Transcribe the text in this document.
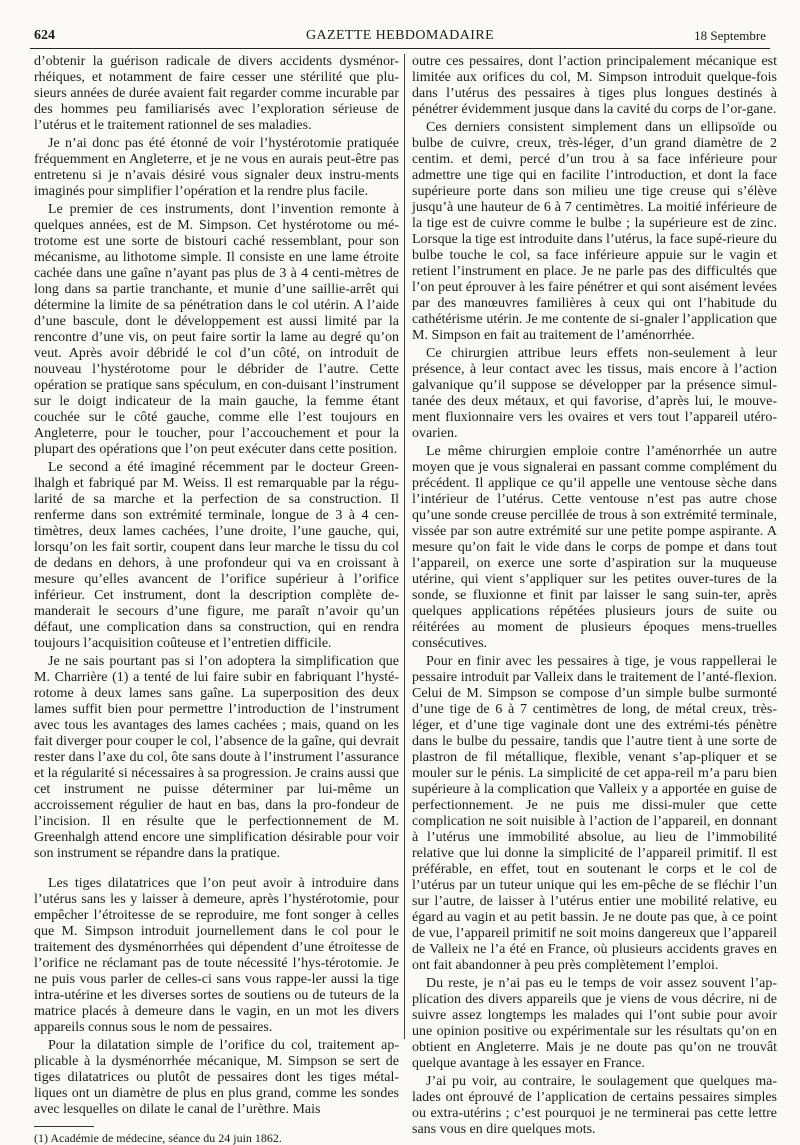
624	GAZETTE HEBDOMADAIRE	18 Septembre

d’obtenir la guérison radicale de divers accidents dysménor-rhéiques, et notamment de faire cesser une stérilité que plu-sieurs années de durée avaient fait regarder comme incurable par des hommes peu familiarisés avec l’exploration sérieuse de l’utérus et le traitement rationnel de ses maladies.

Je n’ai donc pas été étonné de voir l’hystérotomie pratiquée fréquemment en Angleterre, et je ne vous en aurais peut-être pas entretenu si je n’avais désiré vous signaler deux instru-ments imaginés pour simplifier l’opération et la rendre plus facile.

Le premier de ces instruments, dont l’invention remonte à quelques années, est de M. Simpson. Cet hystérotome ou mé-trotome est une sorte de bistouri caché ressemblant, pour son mécanisme, au lithotome simple. Il consiste en une lame étroite cachée dans une gaîne n’ayant pas plus de 3 à 4 centi-mètres de long dans sa partie tranchante, et munie d’une saillie-arrêt qui détermine la limite de sa pénétration dans le col utérin. A l’aide d’une bascule, dont le développement est aussi limité par la rencontre d’une vis, on peut faire sortir la lame au degré qu’on veut. Après avoir débridé le col d’un côté, on introduit de nouveau l’hystérotome pour le débrider de l’autre. Cette opération se pratique sans spéculum, en con-duisant l’instrument sur le doigt indicateur de la main gauche, la femme étant couchée sur le côté gauche, comme elle l’est toujours en Angleterre, pour le toucher, pour l’accouchement et pour la plupart des opérations que l’on peut exécuter dans cette position.

Le second a été imaginé récemment par le docteur Green-lhalgh et fabriqué par M. Weiss. Il est remarquable par la régu-larité de sa marche et la perfection de sa construction. Il renferme dans son extrémité terminale, longue de 3 à 4 cen-timètres, deux lames cachées, l’une droite, l’une gauche, qui, lorsqu’on les fait sortir, coupent dans leur marche le tissu du col de dedans en dehors, à une profondeur qui va en croissant à mesure qu’elles avancent de l’orifice supérieur à l’orifice inférieur. Cet instrument, dont la description complète de-manderait le secours d’une figure, me paraît n’avoir qu’un défaut, une complication dans sa construction, qui en rendra toujours l’acquisition coûteuse et l’entretien difficile.

Je ne sais pourtant pas si l’on adoptera la simplification que M. Charrière (1) a tenté de lui faire subir en fabriquant l’hysté-rotome à deux lames sans gaîne. La superposition des deux lames suffit bien pour permettre l’introduction de l’instrument avec tous les avantages des lames cachées ; mais, quand on les fait diverger pour couper le col, l’absence de la gaîne, qui devrait rester dans l’axe du col, ôte sans doute à l’instrument l’assurance et la régularité si nécessaires à sa progression. Je crains aussi que cet instrument ne puisse déterminer par lui-même un accroissement régulier de haut en bas, dans la pro-fondeur de l’incision. Il en résulte que le perfectionnement de M. Greenhalgh attend encore une simplification désirable pour voir son instrument se répandre dans la pratique.

Les tiges dilatatrices que l’on peut avoir à introduire dans l’utérus sans les y laisser à demeure, après l’hystérotomie, pour empêcher l’étroitesse de se reproduire, me font songer à celles que M. Simpson introduit journellement dans le col pour le traitement des dysménorrhées qui dépendent d’une étroitesse de l’orifice ne réclamant pas de toute nécessité l’hys-térotomie. Je ne puis vous parler de celles-ci sans vous rappe-ler aussi la tige intra-utérine et les diverses sortes de soutiens ou de tuteurs de la matrice placés à demeure dans le vagin, en un mot les divers appareils connus sous le nom de pessaires.

Pour la dilatation simple de l’orifice du col, traitement ap-plicable à la dysménorrhée mécanique, M. Simpson se sert de tiges dilatatrices ou plutôt de pessaires dont les tiges métal-liques ont un diamètre de plus en plus grand, comme les sondes avec lesquelles on dilate le canal de l’urèthre. Mais

(1) Académie de médecine, séance du 24 juin 1862.

outre ces pessaires, dont l’action principalement mécanique est limitée aux orifices du col, M. Simpson introduit quelque-fois dans l’utérus des pessaires à tiges plus longues destinés à pénétrer évidemment jusque dans la cavité du corps de l’or-gane.

Ces derniers consistent simplement dans un ellipsoïde ou bulbe de cuivre, creux, très-léger, d’un grand diamètre de 2 centim. et demi, percé d’un trou à sa face inférieure pour admettre une tige qui en facilite l’introduction, et dont la face supérieure porte dans son milieu une tige creuse qui s’élève jusqu’à une hauteur de 6 à 7 centimètres. La moitié inférieure de la tige est de cuivre comme le bulbe ; la supérieure est de zinc. Lorsque la tige est introduite dans l’utérus, la face supé-rieure du bulbe touche le col, sa face inférieure appuie sur le vagin et retient l’instrument en place. Je ne parle pas des difficultés que l’on peut éprouver à les faire pénétrer et qui sont aisément levées par des manœuvres familières à ceux qui ont l’habitude du cathétérisme utérin. Je me contente de si-gnaler l’application que M. Simpson en fait au traitement de l’aménorrhée.

Ce chirurgien attribue leurs effets non-seulement à leur présence, à leur contact avec les tissus, mais encore à l’action galvanique qu’il suppose se développer par la présence simul-tanée des deux métaux, et qui favorise, d’après lui, le mouve-ment fluxionnaire vers les ovaires et vers tout l’appareil utéro-ovarien.

Le même chirurgien emploie contre l’aménorrhée un autre moyen que je vous signalerai en passant comme complément du précédent. Il applique ce qu’il appelle une ventouse sèche dans l’intérieur de l’utérus. Cette ventouse n’est pas autre chose qu’une sonde creuse percillée de trous à son extrémité terminale, vissée par son autre extrémité sur une petite pompe aspirante. A mesure qu’on fait le vide dans le corps de pompe et dans tout l’appareil, on exerce une sorte d’aspiration sur la muqueuse utérine, qui vient s’appliquer sur les petites ouver-tures de la sonde, se fluxionne et finit par laisser le sang suin-ter, après quelques applications répétées plusieurs jours de suite ou réitérées au moment de plusieurs époques mens-truelles consécutives.

Pour en finir avec les pessaires à tige, je vous rappellerai le pessaire introduit par Valleix dans le traitement de l’anté-flexion. Celui de M. Simpson se compose d’un simple bulbe surmonté d’une tige de 6 à 7 centimètres de long, de métal creux, très-léger, et d’une tige vaginale dont une des extrémi-tés pénètre dans le bulbe du pessaire, tandis que l’autre tient à une sorte de plastron de fil métallique, flexible, venant s’ap-pliquer et se mouler sur le pénis. La simplicité de cet appa-reil m’a paru bien supérieure à la complication que Valleix y a apportée en guise de perfectionnement. Je ne puis me dissi-muler que cette complication ne soit nuisible à l’action de l’appareil, en donnant à l’utérus une immobilité absolue, au lieu de l’immobilité relative que lui donne la simplicité de l’appareil primitif. Il est préférable, en effet, tout en soutenant le corps et le col de l’utérus par un tuteur unique qui les em-pêche de se fléchir l’un sur l’autre, de laisser à l’utérus entier une mobilité relative, eu égard au vagin et au petit bassin. Je ne doute pas que, à ce point de vue, l’appareil primitif ne soit moins dangereux que l’appareil de Valleix ne l’a été en France, où plusieurs accidents graves en ont fait abandonner à peu près complètement l’emploi.

Du reste, je n’ai pas eu le temps de voir assez souvent l’ap-plication des divers appareils que je viens de vous décrire, ni de suivre assez longtemps les malades qui l’ont subie pour avoir une opinion positive ou expérimentale sur les résultats qu’on en obtient en Angleterre. Mais je ne doute pas qu’on ne trouvât quelque avantage à les essayer en France.

J’ai pu voir, au contraire, le soulagement que quelques ma-lades ont éprouvé de l’application de certains pessaires simples ou extra-utérins ; c’est pourquoi je ne terminerai pas cette lettre sans vous en dire quelques mots.
